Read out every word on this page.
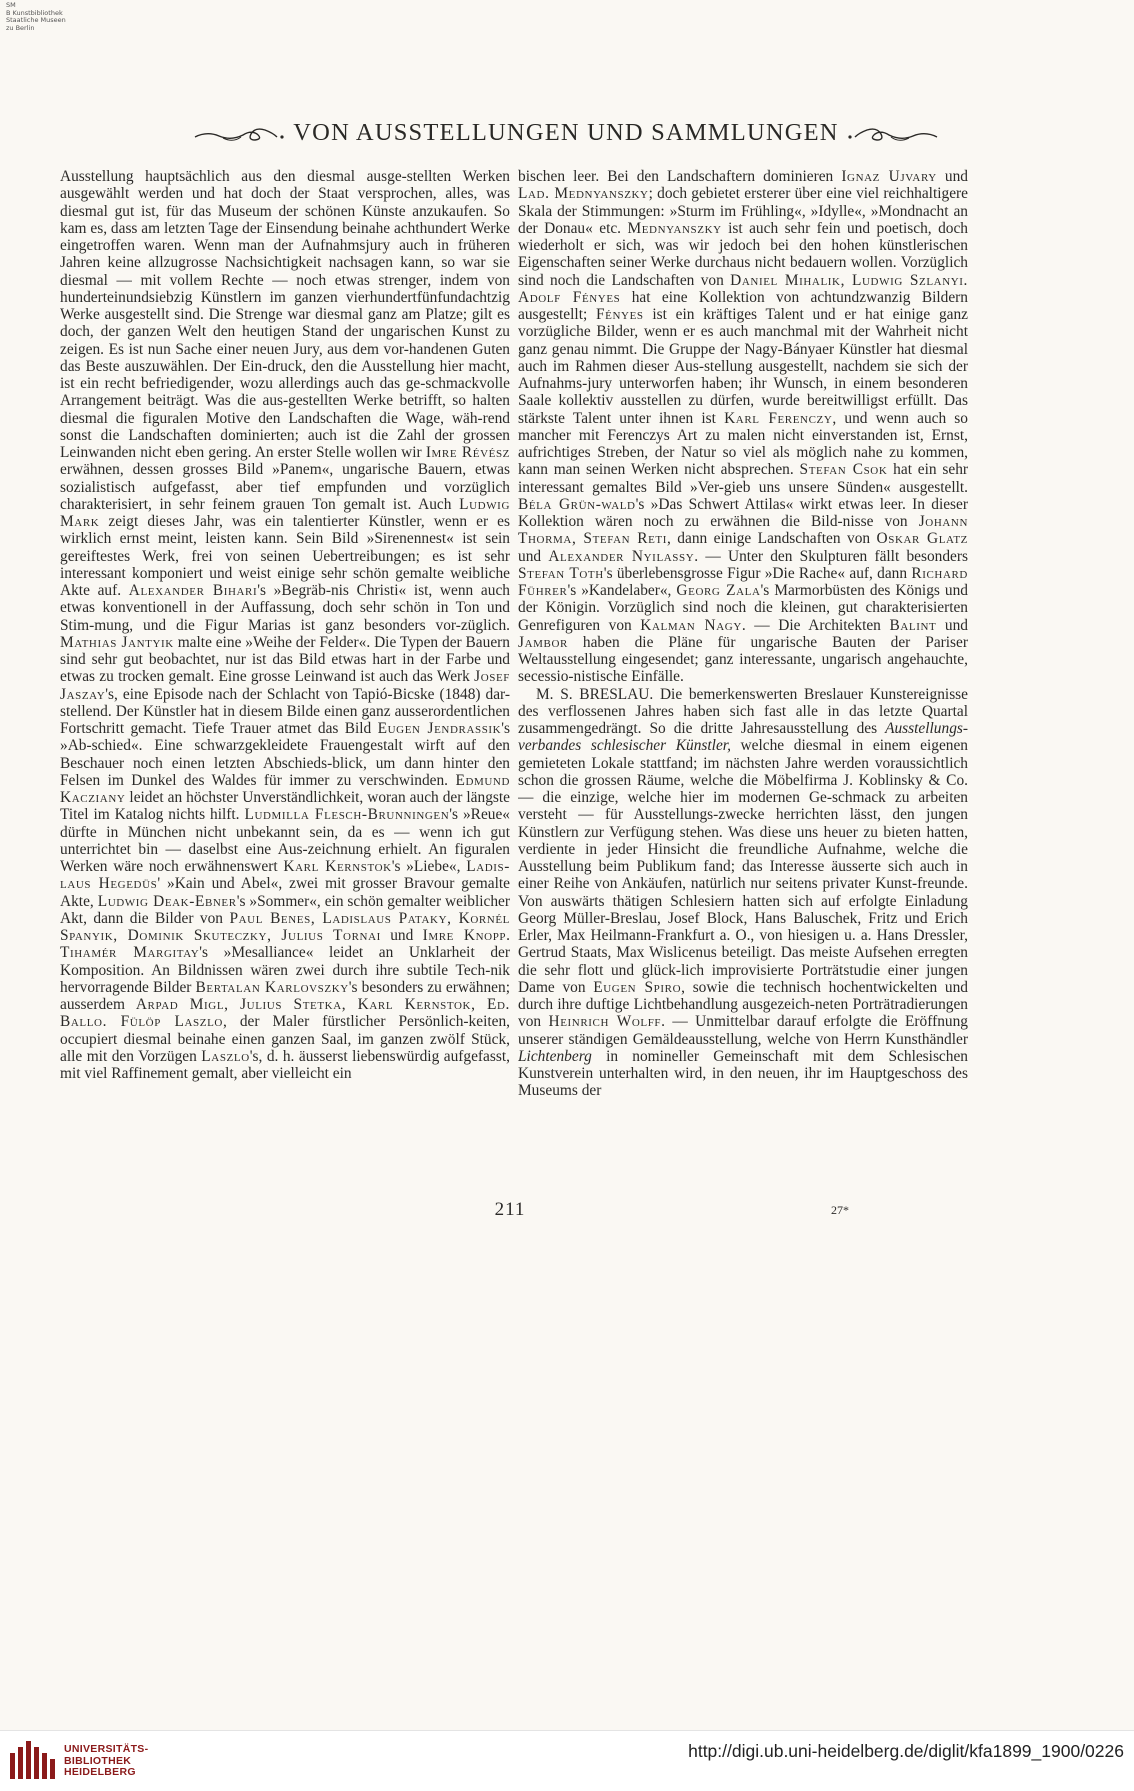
SM
B Kunstbibliothek
Staatliche Museen
zu Berlin
VON AUSSTELLUNGEN UND SAMMLUNGEN

Ausstellung hauptsächlich aus den diesmal ausge-stellten Werken ausgewählt werden und hat doch der Staat versprochen, alles, was diesmal gut ist, für das Museum der schönen Künste anzukaufen. So kam es, dass am letzten Tage der Einsendung beinahe achthundert Werke eingetroffen waren. Wenn man der Aufnahmsjury auch in früheren Jahren keine allzugrosse Nachsichtigkeit nachsagen kann, so war sie diesmal — mit vollem Rechte — noch etwas strenger, indem von hunderteinundsiebzig Künstlern im ganzen vierhundertfünfundachtzig Werke ausgestellt sind. Die Strenge war diesmal ganz am Platze; gilt es doch, der ganzen Welt den heutigen Stand der ungarischen Kunst zu zeigen. Es ist nun Sache einer neuen Jury, aus dem vor-handenen Guten das Beste auszuwählen. Der Ein-druck, den die Ausstellung hier macht, ist ein recht befriedigender, wozu allerdings auch das ge-schmackvolle Arrangement beiträgt. Was die aus-gestellten Werke betrifft, so halten diesmal die figuralen Motive den Landschaften die Wage, wäh-rend sonst die Landschaften dominierten; auch ist die Zahl der grossen Leinwanden nicht eben gering. An erster Stelle wollen wir Imre Révész erwähnen, dessen grosses Bild »Panem«, ungarische Bauern, etwas sozialistisch aufgefasst, aber tief empfunden und vorzüglich charakterisiert, in sehr feinem grauen Ton gemalt ist. Auch Ludwig Mark zeigt dieses Jahr, was ein talentierter Künstler, wenn er es wirklich ernst meint, leisten kann. Sein Bild »Sirenennest« ist sein gereiftestes Werk, frei von seinen Uebertreibungen; es ist sehr interessant komponiert und weist einige sehr schön gemalte weibliche Akte auf. Alexander Bihari's »Begräb-nis Christi« ist, wenn auch etwas konventionell in der Auffassung, doch sehr schön in Ton und Stim-mung, und die Figur Marias ist ganz besonders vor-züglich. Mathias Jantyik malte eine »Weihe der Felder«. Die Typen der Bauern sind sehr gut beobachtet, nur ist das Bild etwas hart in der Farbe und etwas zu trocken gemalt. Eine grosse Leinwand ist auch das Werk Josef Jaszay's, eine Episode nach der Schlacht von Tapió-Bicske (1848) dar-stellend. Der Künstler hat in diesem Bilde einen ganz ausserordentlichen Fortschritt gemacht. Tiefe Trauer atmet das Bild Eugen Jendrassik's »Ab-schied«. Eine schwarzgekleidete Frauengestalt wirft auf den Beschauer noch einen letzten Abschieds-blick, um dann hinter den Felsen im Dunkel des Waldes für immer zu verschwinden. Edmund Kacziany leidet an höchster Unverständlichkeit, woran auch der längste Titel im Katalog nichts hilft. Ludmilla Flesch-Brunningen's »Reue« dürfte in München nicht unbekannt sein, da es — wenn ich gut unterrichtet bin — daselbst eine Aus-zeichnung erhielt. An figuralen Werken wäre noch erwähnenswert Karl Kernstok's »Liebe«, Ladis-laus Hegedüs' »Kain und Abel«, zwei mit grosser Bravour gemalte Akte, Ludwig Deak-Ebner's »Sommer«, ein schön gemalter weiblicher Akt, dann die Bilder von Paul Benes, Ladislaus Pataky, Kornél Spanyik, Dominik Skuteczky, Julius Tornai und Imre Knopp. Tihamér Margitay's »Mesalliance« leidet an Unklarheit der Komposition. An Bildnissen wären zwei durch ihre subtile Tech-nik hervorragende Bilder Bertalan Karlovszky's besonders zu erwähnen; ausserdem Arpad Migl, Julius Stetka, Karl Kernstok, Ed. Ballo. Fülöp Laszlo, der Maler fürstlicher Persönlich-keiten, occupiert diesmal beinahe einen ganzen Saal, im ganzen zwölf Stück, alle mit den Vorzügen Laszlo's, d. h. äusserst liebenswürdig aufgefasst, mit viel Raffinement gemalt, aber vielleicht ein

bischen leer. Bei den Landschaftern dominieren Ignaz Ujvary und Lad. Mednyanszky; doch gebietet ersterer über eine viel reichhaltigere Skala der Stimmungen: »Sturm im Frühling«, »Idylle«, »Mondnacht an der Donau« etc. Mednyanszky ist auch sehr fein und poetisch, doch wiederholt er sich, was wir jedoch bei den hohen künstlerischen Eigenschaften seiner Werke durchaus nicht bedauern wollen. Vorzüglich sind noch die Landschaften von Daniel Mihalik, Ludwig Szlanyi. Adolf Fényes hat eine Kollektion von achtundzwanzig Bildern ausgestellt; Fényes ist ein kräftiges Talent und er hat einige ganz vorzügliche Bilder, wenn er es auch manchmal mit der Wahrheit nicht ganz genau nimmt. Die Gruppe der Nagy-Bányaer Künstler hat diesmal auch im Rahmen dieser Aus-stellung ausgestellt, nachdem sie sich der Aufnahms-jury unterworfen haben; ihr Wunsch, in einem besonderen Saale kollektiv ausstellen zu dürfen, wurde bereitwilligst erfüllt. Das stärkste Talent unter ihnen ist Karl Ferenczy, und wenn auch so mancher mit Ferenczys Art zu malen nicht einverstanden ist, Ernst, aufrichtiges Streben, der Natur so viel als möglich nahe zu kommen, kann man seinen Werken nicht absprechen. Stefan Csok hat ein sehr interessant gemaltes Bild »Ver-gieb uns unsere Sünden« ausgestellt. Béla Grün-wald's »Das Schwert Attilas« wirkt etwas leer. In dieser Kollektion wären noch zu erwähnen die Bild-nisse von Johann Thorma, Stefan Reti, dann einige Landschaften von Oskar Glatz und Alexander Nyilassy. — Unter den Skulpturen fällt besonders Stefan Toth's überlebensgrosse Figur »Die Rache« auf, dann Richard Führer's »Kandelaber«, Georg Zala's Marmorbüsten des Königs und der Königin. Vorzüglich sind noch die kleinen, gut charakterisierten Genrefiguren von Kalman Nagy. — Die Architekten Balint und Jambor haben die Pläne für ungarische Bauten der Pariser Weltausstellung eingesendet; ganz interessante, ungarisch angehauchte, secessio-nistische Einfälle.

M. S. BRESLAU. Die bemerkenswerten Breslauer Kunstereignisse des verflossenen Jahres haben sich fast alle in das letzte Quartal zusammengedrängt. So die dritte Jahresausstellung des Ausstellungs-verbandes schlesischer Künstler, welche diesmal in einem eigenen gemieteten Lokale stattfand; im nächsten Jahre werden voraussichtlich schon die grossen Räume, welche die Möbelfirma J. Koblinsky & Co. — die einzige, welche hier im modernen Ge-schmack zu arbeiten versteht — für Ausstellungs-zwecke herrichten lässt, den jungen Künstlern zur Verfügung stehen. Was diese uns heuer zu bieten hatten, verdiente in jeder Hinsicht die freundliche Aufnahme, welche die Ausstellung beim Publikum fand; das Interesse äusserte sich auch in einer Reihe von Ankäufen, natürlich nur seitens privater Kunst-freunde. Von auswärts thätigen Schlesiern hatten sich auf erfolgte Einladung Georg Müller-Breslau, Josef Block, Hans Baluschek, Fritz und Erich Erler, Max Heilmann-Frankfurt a. O., von hiesigen u. a. Hans Dressler, Gertrud Staats, Max Wislicenus beteiligt. Das meiste Aufsehen erregten die sehr flott und glück-lich improvisierte Porträtstudie einer jungen Dame von Eugen Spiro, sowie die technisch hochentwickelten und durch ihre duftige Lichtbehandlung ausgezeich-neten Porträtradierungen von Heinrich Wolff. — Unmittelbar darauf erfolgte die Eröffnung unserer ständigen Gemäldeausstellung, welche von Herrn Kunsthändler Lichtenberg in nomineller Gemeinschaft mit dem Schlesischen Kunstverein unterhalten wird, in den neuen, ihr im Hauptgeschoss des Museums der

211	27*
UNIVERSITÄTS-
BIBLIOTHEK
HEIDELBERG
http://digi.ub.uni-heidelberg.de/diglit/kfa1899_1900/0226
